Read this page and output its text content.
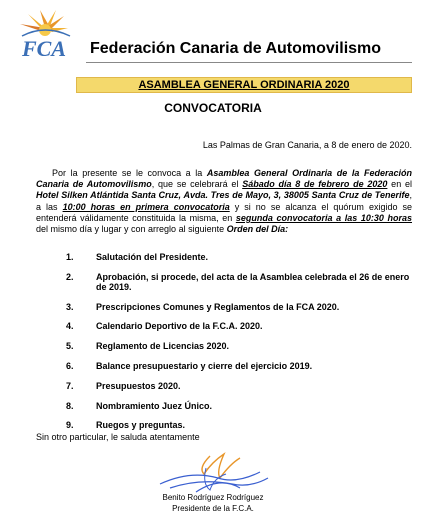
FCA Federación Canaria de Automovilismo
ASAMBLEA GENERAL ORDINARIA 2020
CONVOCATORIA
Las Palmas de Gran Canaria, a 8 de enero de 2020.

Por la presente se le convoca a la Asamblea General Ordinaria de la Federación Canaria de Automovilismo, que se celebrará el Sábado día 8 de febrero de 2020 en el Hotel Silken Atlántida Santa Cruz, Avda. Tres de Mayo, 3, 38005 Santa Cruz de Tenerife, a las 10:00 horas en primera convocatoria y si no se alcanza el quórum exigido se entenderá válidamente constituida la misma, en segunda convocatoria a las 10:30 horas del mismo día y lugar y con arreglo al siguiente Orden del Día:

1. Salutación del Presidente.
2. Aprobación, si procede, del acta de la Asamblea celebrada el 26 de enero de 2019.
3. Prescripciones Comunes y Reglamentos de la FCA 2020.
4. Calendario Deportivo de la F.C.A. 2020.
5. Reglamento de Licencias 2020.
6. Balance presupuestario y cierre del ejercicio 2019.
7. Presupuestos 2020.
8. Nombramiento Juez Único.
9. Ruegos y preguntas.
Sin otro particular, le saluda atentamente
Benito Rodríguez Rodríguez
Presidente de la F.C.A.
